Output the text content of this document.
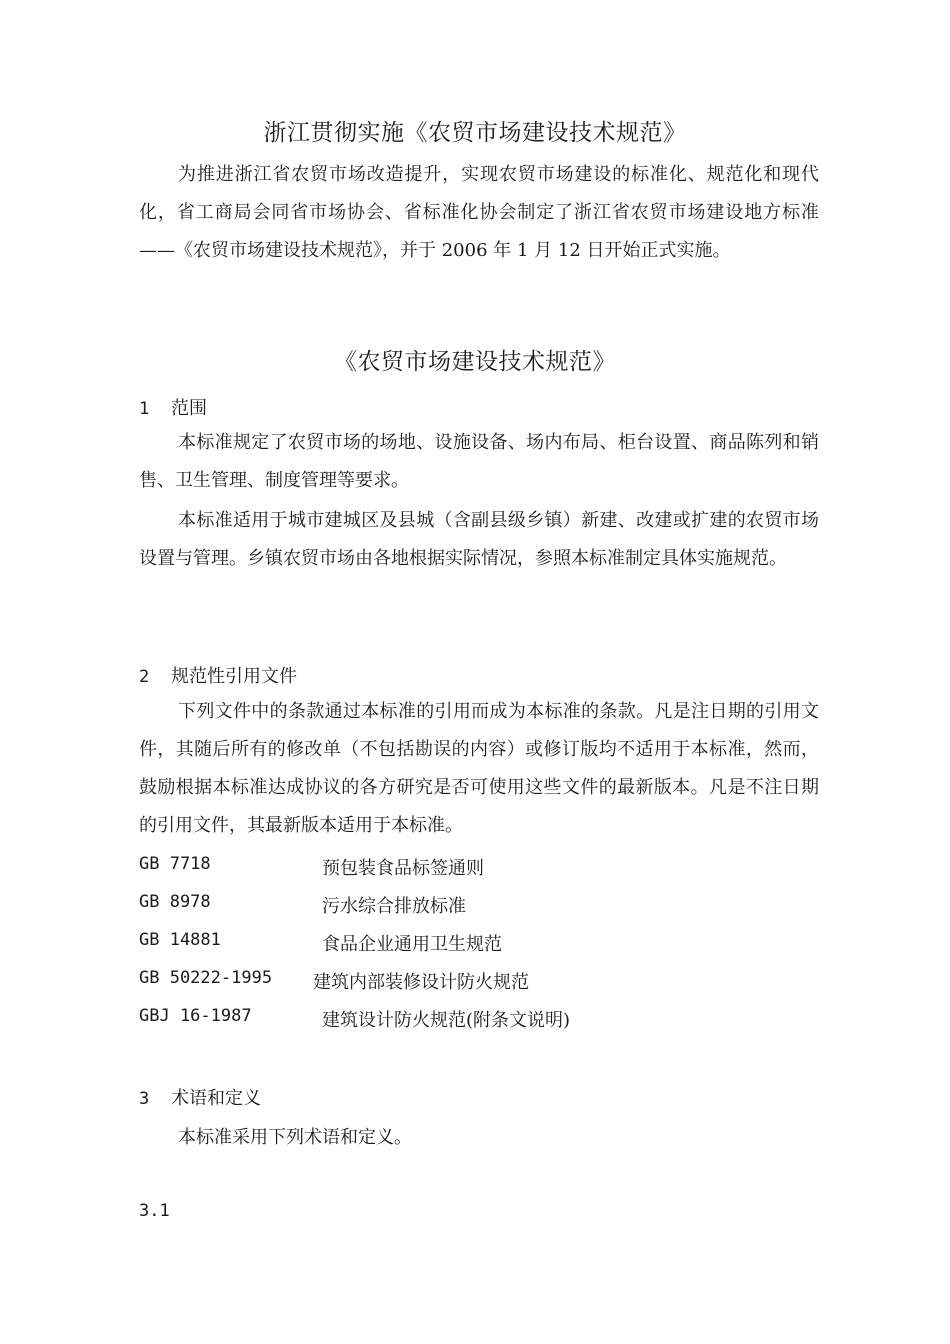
浙江贯彻实施《农贸市场建设技术规范》
为推进浙江省农贸市场改造提升，实现农贸市场建设的标准化、规范化和现代化，省工商局会同省市场协会、省标准化协会制定了浙江省农贸市场建设地方标准——《农贸市场建设技术规范》，并于 2006 年 1 月 12 日开始正式实施。
《农贸市场建设技术规范》
1 范围
本标准规定了农贸市场的场地、设施设备、场内布局、柜台设置、商品陈列和销售、卫生管理、制度管理等要求。
本标准适用于城市建城区及县城（含副县级乡镇）新建、改建或扩建的农贸市场设置与管理。乡镇农贸市场由各地根据实际情况，参照本标准制定具体实施规范。
2 规范性引用文件
下列文件中的条款通过本标准的引用而成为本标准的条款。凡是注日期的引用文件，其随后所有的修改单（不包括勘误的内容）或修订版均不适用于本标准，然而，鼓励根据本标准达成协议的各方研究是否可使用这些文件的最新版本。凡是不注日期的引用文件，其最新版本适用于本标准。
GB 7718	预包装食品标签通则
GB 8978	污水综合排放标准
GB 14881	食品企业通用卫生规范
GB 50222-1995 建筑内部装修设计防火规范
GBJ 16-1987	建筑设计防火规范(附条文说明)
3 术语和定义
本标准采用下列术语和定义。
3.1
